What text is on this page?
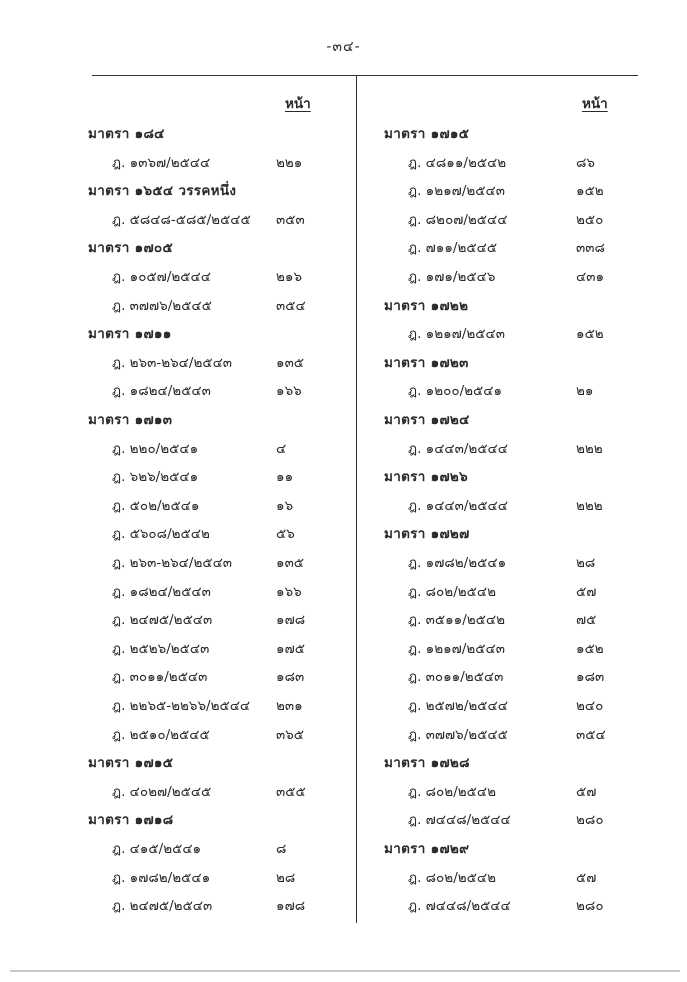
-๓๔-
หน้า	หน้า
มาตรา ๑๘๔
ฎ. ๑๓๖๗/๒๕๔๔	๒๒๑
มาตรา ๑๖๕๔ วรรคหนึ่ง
ฎ. ๕๘๔๘-๕๘๕/๒๕๔๕ ๓๕๓
มาตรา ๑๗๐๕
ฎ. ๑๐๕๗/๒๕๔๔	๒๑๖
ฎ. ๓๗๗๖/๒๕๔๕	๓๕๔
มาตรา ๑๗๑๑
ฎ. ๒๖๓-๒๖๔/๒๕๔๓	๑๓๕
ฎ. ๑๘๒๔/๒๕๔๓	๑๖๖
มาตรา ๑๗๑๓
ฎ. ๒๒๐/๒๕๔๑	๔
ฎ. ๖๒๖/๒๕๔๑	๑๑
ฎ. ๕๐๒/๒๕๔๑	๑๖
ฎ. ๕๖๐๘/๒๕๔๒	๕๖
ฎ. ๒๖๓-๒๖๔/๒๕๔๓	๑๓๕
ฎ. ๑๘๒๔/๒๕๔๓	๑๖๖
ฎ. ๒๔๗๕/๒๕๔๓	๑๗๘
ฎ. ๒๕๒๖/๒๕๔๓	๑๗๕
ฎ. ๓๐๑๑/๒๕๔๓	๑๘๓
ฎ. ๒๒๖๕-๒๒๖๖/๒๕๔๔ ๒๓๑
ฎ. ๒๕๑๐/๒๕๔๕	๓๖๕
มาตรา ๑๗๑๕
ฎ. ๔๐๒๗/๒๕๔๕	๓๕๕
มาตรา ๑๗๑๘
ฎ. ๔๑๕/๒๕๔๑	๘
ฎ. ๑๗๘๒/๒๕๔๑	๒๘
ฎ. ๒๔๗๕/๒๕๔๓	๑๗๘
มาตรา ๑๗๑๕
ฎ. ๔๘๑๑/๒๕๔๒	๘๖
ฎ. ๑๒๑๗/๒๕๔๓	๑๕๒
ฎ. ๘๒๐๗/๒๕๔๔	๒๕๐
ฎ. ๗๑๑/๒๕๔๕	๓๓๘
ฎ. ๑๗๑/๒๕๔๖	๔๓๑
มาตรา ๑๗๒๒
ฎ. ๑๒๑๗/๒๕๔๓	๑๕๒
มาตรา ๑๗๒๓
ฎ. ๑๒๐๐/๒๕๔๑	๒๑
มาตรา ๑๗๒๔
ฎ. ๑๔๔๓/๒๕๔๔	๒๒๒
มาตรา ๑๗๒๖
ฎ. ๑๔๔๓/๒๕๔๔	๒๒๒
มาตรา ๑๗๒๗
ฎ. ๑๗๘๒/๒๕๔๑	๒๘
ฎ. ๘๐๒/๒๕๔๒	๕๗
ฎ. ๓๕๑๑/๒๕๔๒	๗๕
ฎ. ๑๒๑๗/๒๕๔๓	๑๕๒
ฎ. ๓๐๑๑/๒๕๔๓	๑๘๓
ฎ. ๒๕๗๒/๒๕๔๔	๒๔๐
ฎ. ๓๗๗๖/๒๕๔๕	๓๕๔
มาตรา ๑๗๒๘
ฎ. ๘๐๒/๒๕๔๒	๕๗
ฎ. ๗๔๔๘/๒๕๔๔	๒๘๐
มาตรา ๑๗๒๙
ฎ. ๘๐๒/๒๕๔๒	๕๗
ฎ. ๗๔๔๘/๒๕๔๔	๒๘๐
